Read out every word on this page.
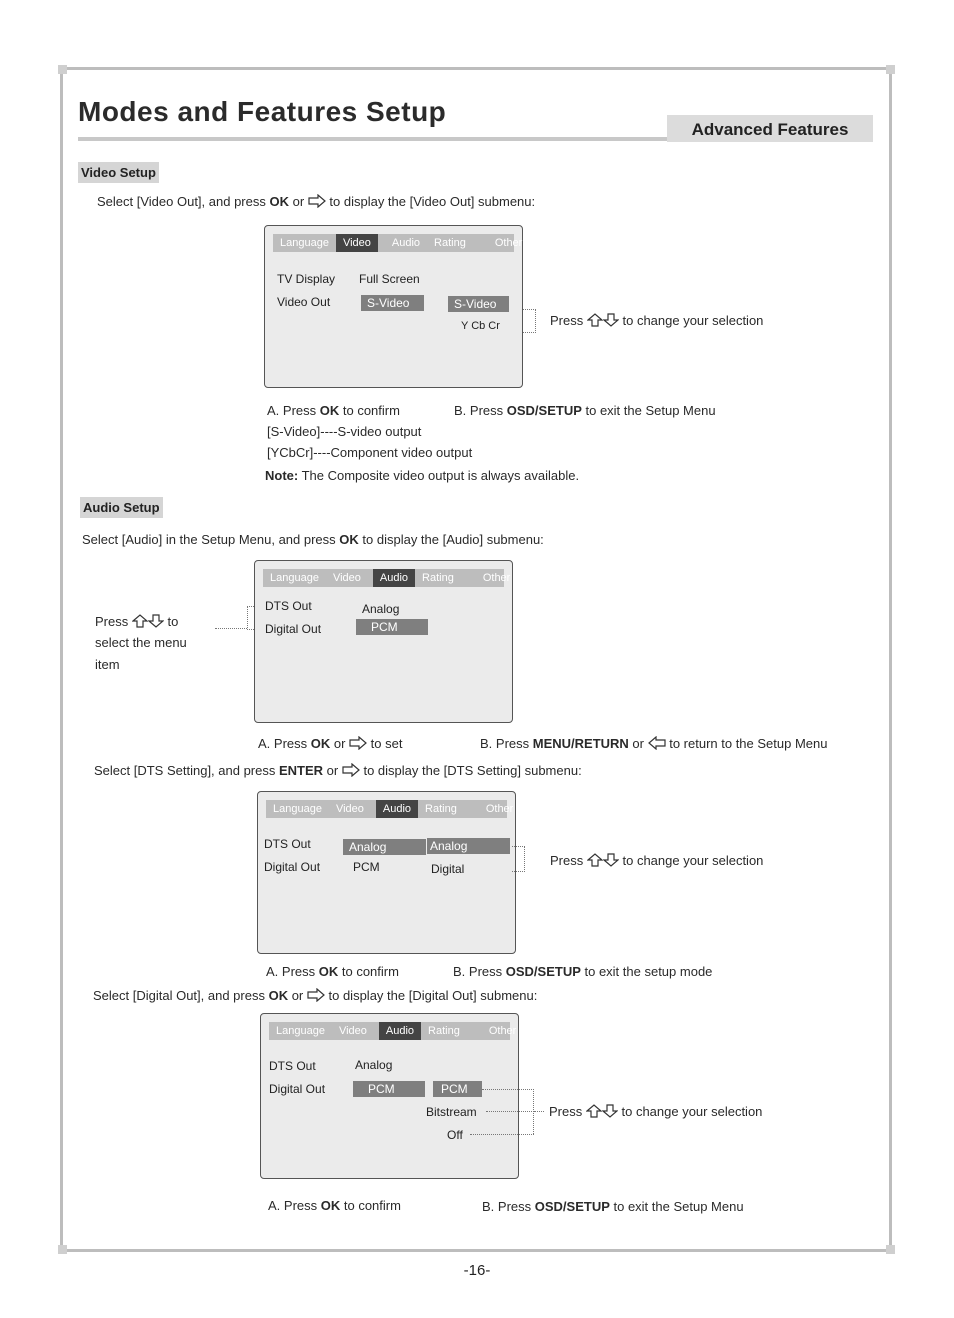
Modes and Features Setup
Advanced Features
Video Setup
Select [Video Out], and press OK or  to display the [Video Out] submenu:
Language	Video	Audio	Rating	Other
TV Display Full Screen
Video Out	S-Video	S-Video
Y Cb Cr	Press	to change your selection
A. Press OK to confirm	B. Press OSD/SETUP to exit the Setup Menu
[S-Video]----S-video output
[YCbCr]----Component video output
Note: The Composite video output is always available.
Audio Setup
Select [Audio] in the Setup Menu, and press OK to display the [Audio] submenu:
Press	to
select the menu
item
Language	Video	Audio	Rating	Other
DTS Out	Analog
Digital Out	PCM
A. Press OK or  to set	B. Press MENU/RETURN or  to return to the Setup Menu
Select [DTS Setting], and press ENTER or  to display the [DTS Setting] submenu:
Language	Video	Audio	Rating	Other
DTS Out	Analog	Analog
Digital Out	PCM	Digital
Press	to change your selection
A. Press OK to confirm	B. Press OSD/SETUP to exit the setup mode
Select [Digital Out], and press OK or  to display the [Digital Out] submenu:
Language	Video	Audio	Rating	Other
DTS Out	Analog
Digital Out	PCM	PCM
Bitstream
Off
Press	to change your selection
A. Press OK to confirm	B. Press OSD/SETUP to exit the Setup Menu
-16-
